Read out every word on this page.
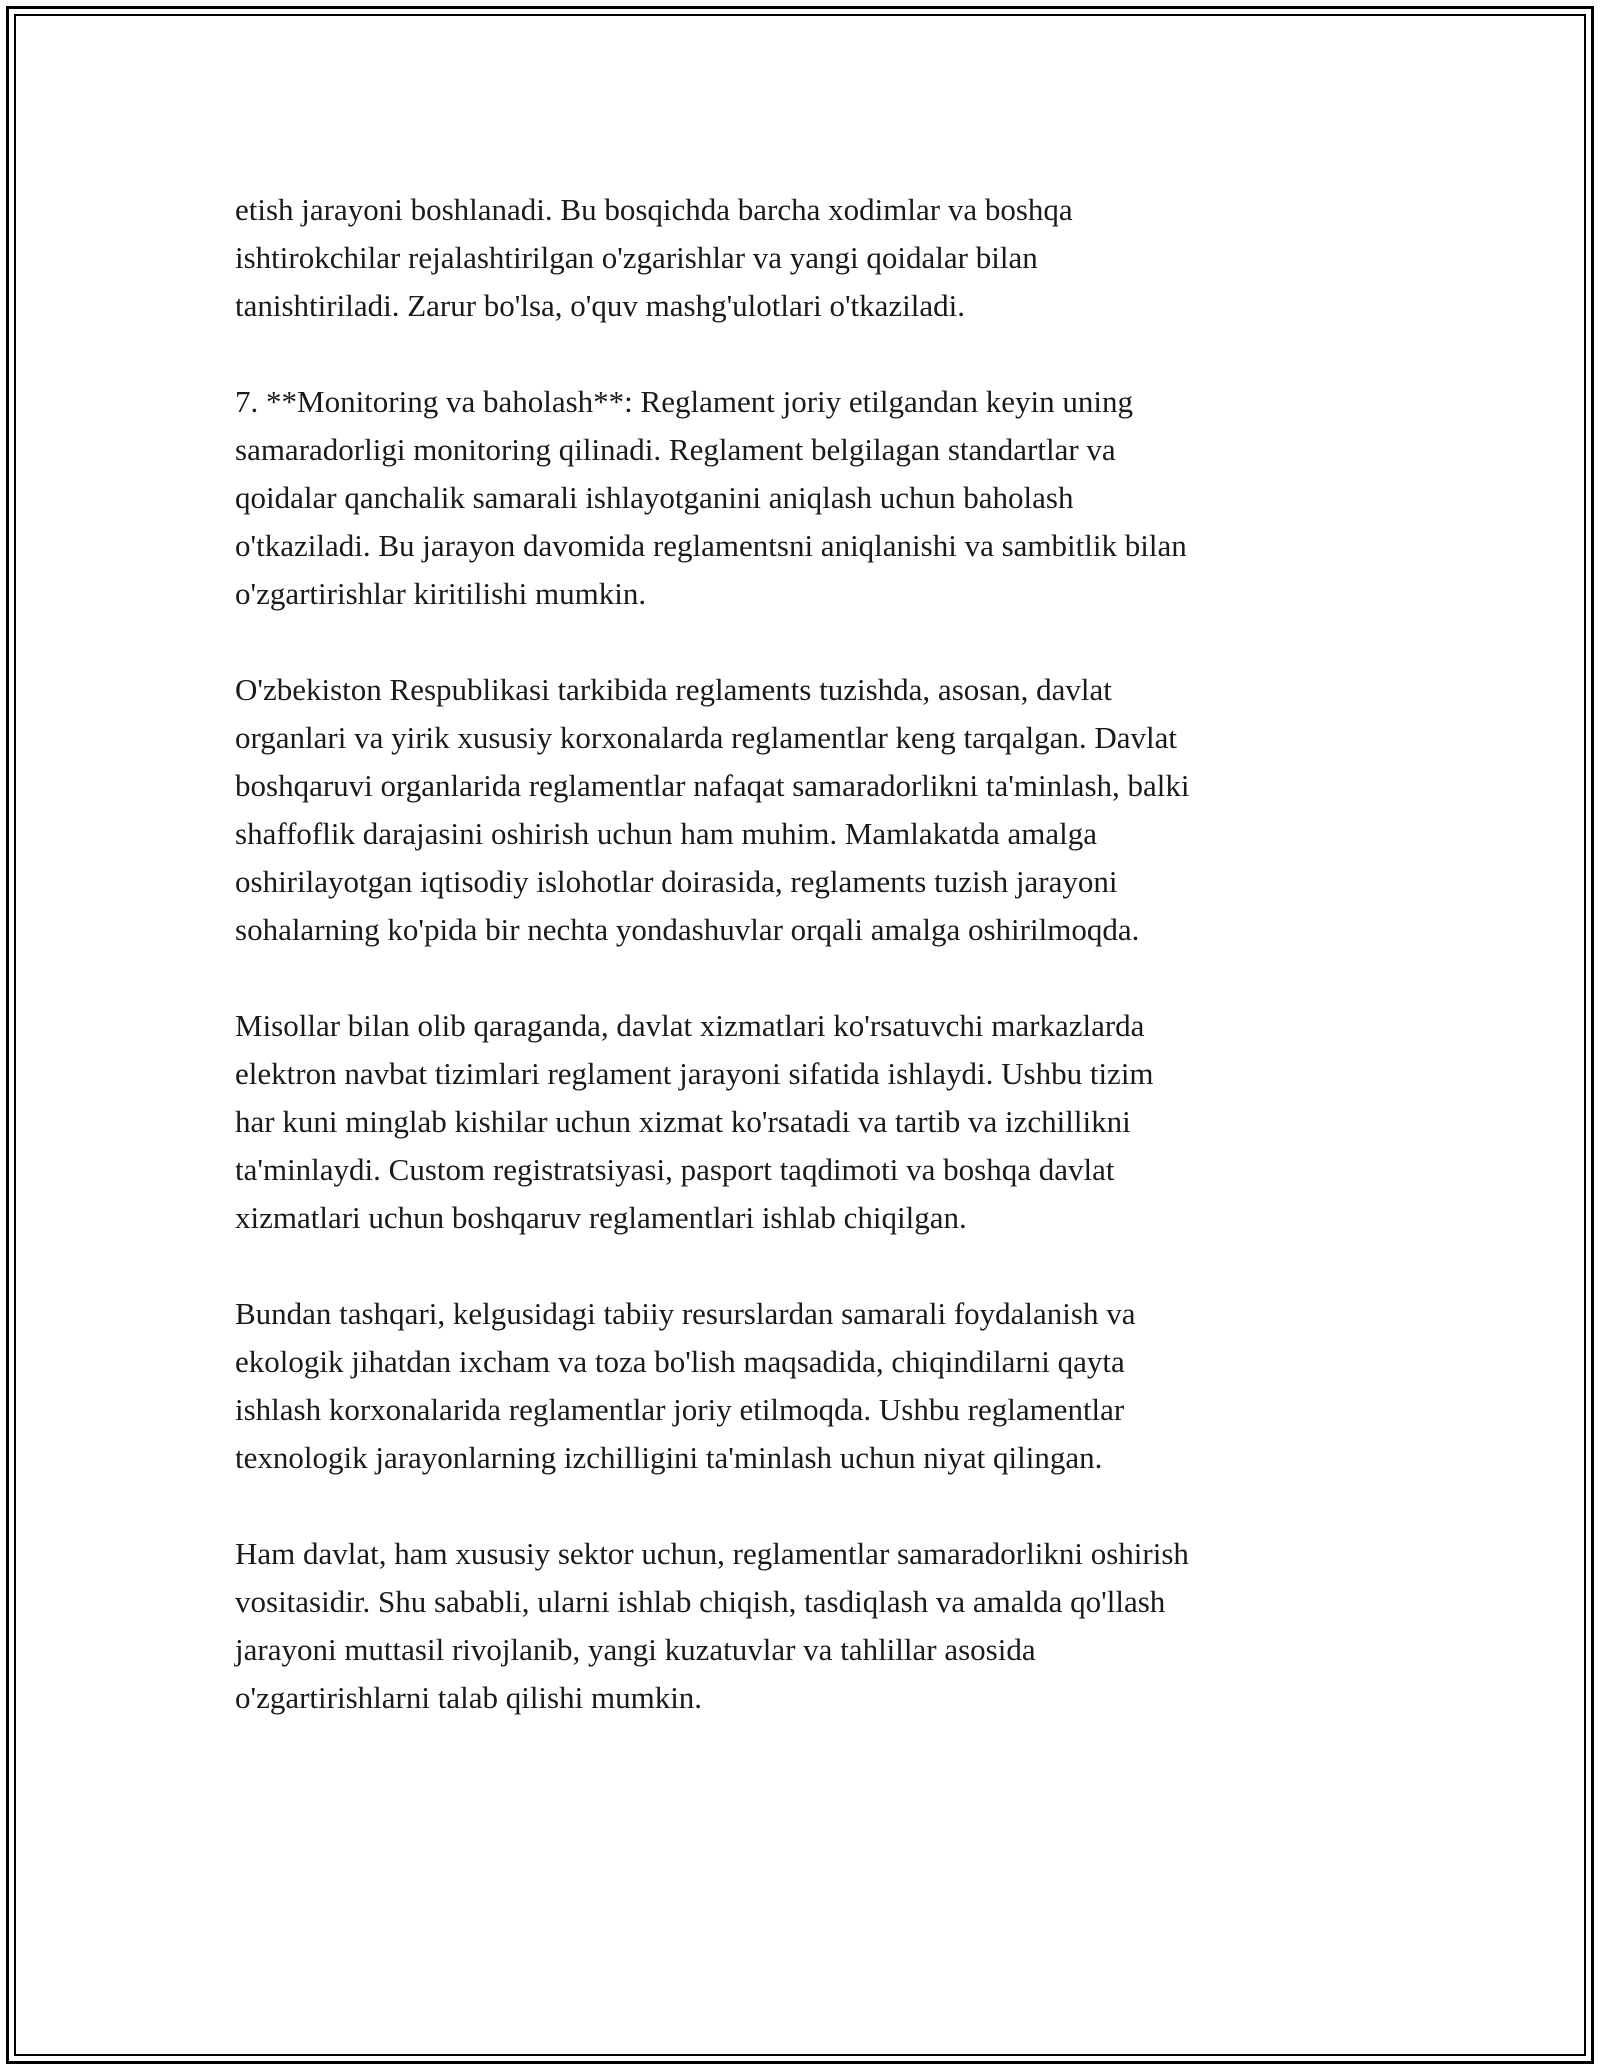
etish jarayoni boshlanadi. Bu bosqichda barcha xodimlar va boshqa
ishtirokchilar rejalashtirilgan o'zgarishlar va yangi qoidalar bilan
tanishtiriladi. Zarur bo'lsa, o'quv mashg'ulotlari o'tkaziladi.

7. **Monitoring va baholash**: Reglament joriy etilgandan keyin uning
samaradorligi monitoring qilinadi. Reglament belgilagan standartlar va
qoidalar qanchalik samarali ishlayotganini aniqlash uchun baholash
o'tkaziladi. Bu jarayon davomida reglamentsni aniqlanishi va sambitlik bilan
o'zgartirishlar kiritilishi mumkin.

O'zbekiston Respublikasi tarkibida reglaments tuzishda, asosan, davlat
organlari va yirik xususiy korxonalarda reglamentlar keng tarqalgan. Davlat
boshqaruvi organlarida reglamentlar nafaqat samaradorlikni ta'minlash, balki
shaffoflik darajasini oshirish uchun ham muhim. Mamlakatda amalga
oshirilayotgan iqtisodiy islohotlar doirasida, reglaments tuzish jarayoni
sohalarning ko'pida bir nechta yondashuvlar orqali amalga oshirilmoqda.

Misollar bilan olib qaraganda, davlat xizmatlari ko'rsatuvchi markazlarda
elektron navbat tizimlari reglament jarayoni sifatida ishlaydi. Ushbu tizim
har kuni minglab kishilar uchun xizmat ko'rsatadi va tartib va izchillikni
ta'minlaydi. Custom registratsiyasi, pasport taqdimoti va boshqa davlat
xizmatlari uchun boshqaruv reglamentlari ishlab chiqilgan.

Bundan tashqari, kelgusidagi tabiiy resurslardan samarali foydalanish va
ekologik jihatdan ixcham va toza bo'lish maqsadida, chiqindilarni qayta
ishlash korxonalarida reglamentlar joriy etilmoqda. Ushbu reglamentlar
texnologik jarayonlarning izchilligini ta'minlash uchun niyat qilingan.

Ham davlat, ham xususiy sektor uchun, reglamentlar samaradorlikni oshirish
vositasidir. Shu sababli, ularni ishlab chiqish, tasdiqlash va amalda qo'llash
jarayoni muttasil rivojlanib, yangi kuzatuvlar va tahlillar asosida
o'zgartirishlarni talab qilishi mumkin.
